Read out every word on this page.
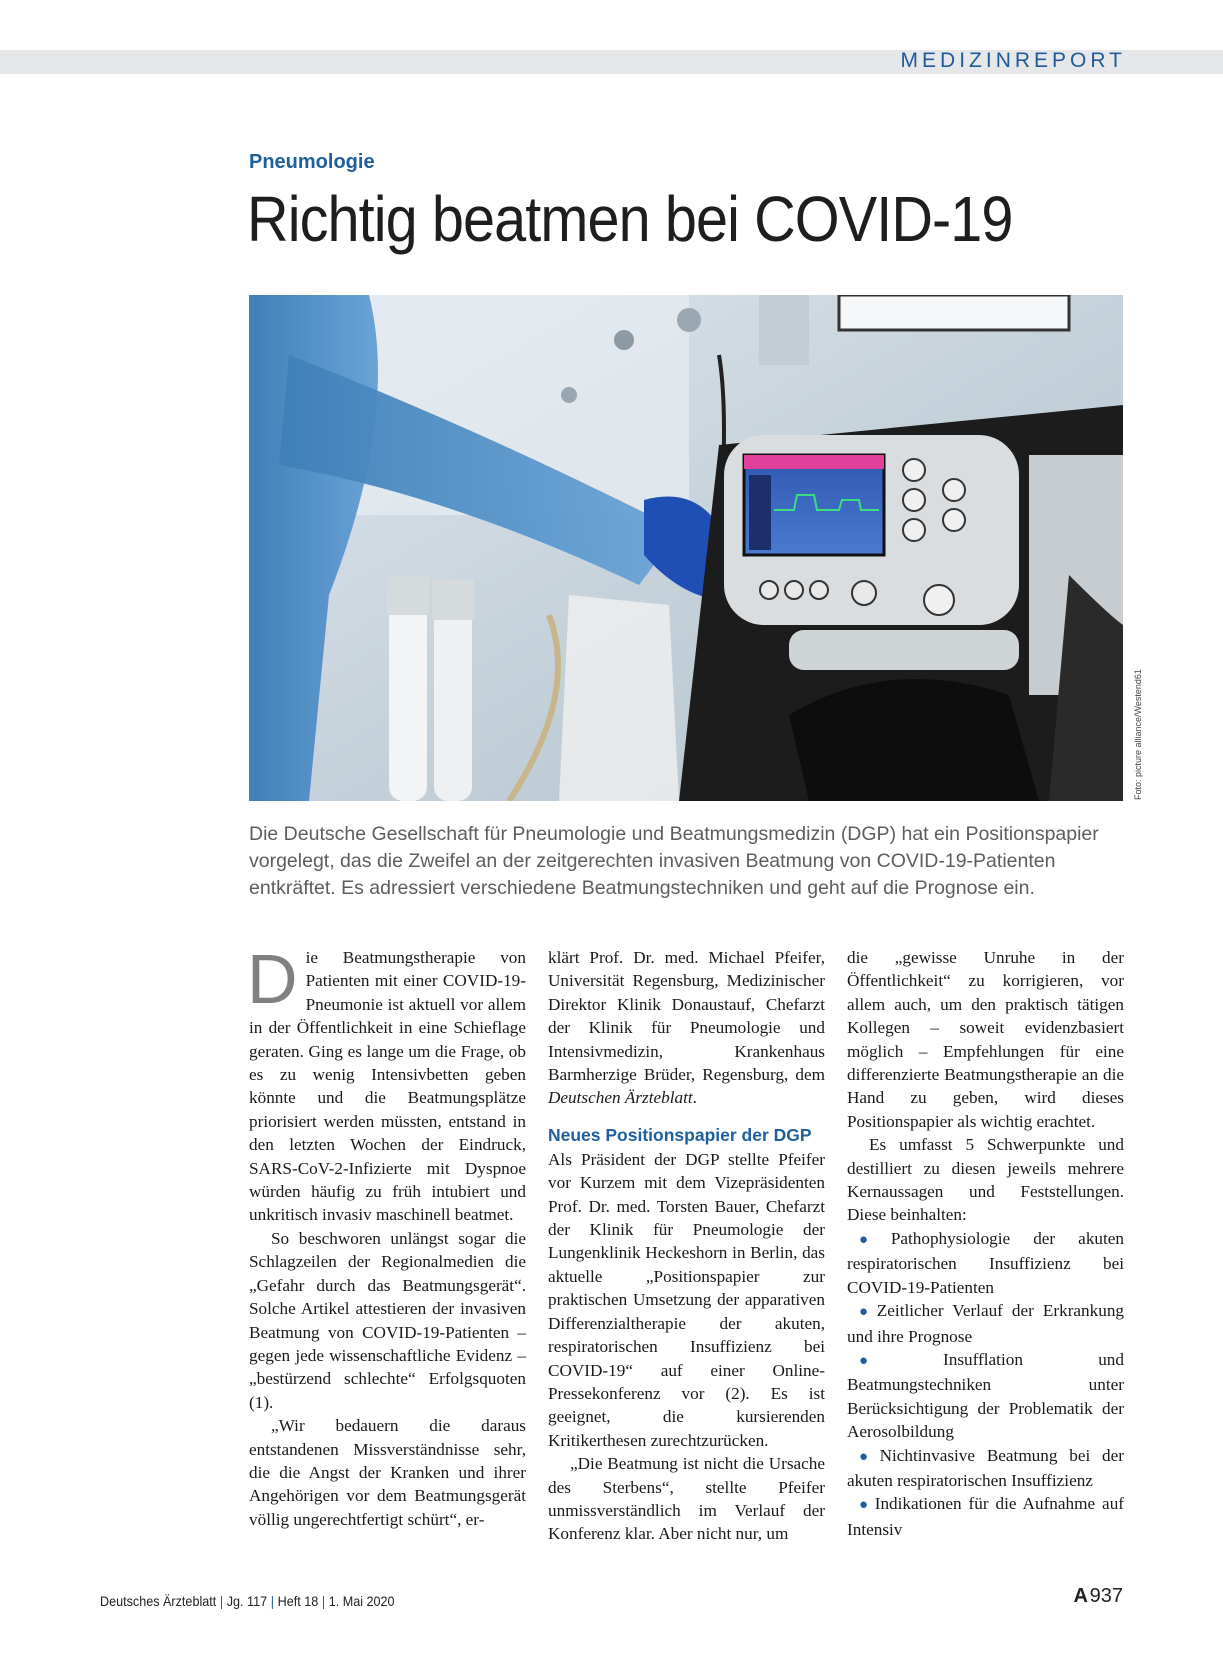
MEDIZINREPORT
Pneumologie
Richtig beatmen bei COVID-19
Foto: picture alliance/Westend61
Die Deutsche Gesellschaft für Pneumologie und Beatmungsmedizin (DGP) hat ein Positionspapier vorgelegt, das die Zweifel an der zeitgerechten invasiven Beatmung von COVID-19-Patienten entkräftet. Es adressiert verschiedene Beatmungstechniken und geht auf die Prognose ein.

Die Beatmungstherapie von Patienten mit einer COVID-19-Pneumonie ist aktuell vor allem in der Öffentlichkeit in eine Schieflage geraten. Ging es lange um die Frage, ob es zu wenig Intensivbetten geben könnte und die Beatmungsplätze priorisiert werden müssten, entstand in den letzten Wochen der Eindruck, SARS-CoV-2-Infizierte mit Dyspnoe würden häufig zu früh intubiert und unkritisch invasiv maschinell beatmet.

So beschworen unlängst sogar die Schlagzeilen der Regionalmedien die „Gefahr durch das Beatmungsgerät“. Solche Artikel attestieren der invasiven Beatmung von COVID-19-Patienten – gegen jede wissenschaftliche Evidenz – „bestürzend schlechte“ Erfolgsquoten (1).

„Wir bedauern die daraus entstandenen Missverständnisse sehr, die die Angst der Kranken und ihrer Angehörigen vor dem Beatmungsgerät völlig ungerechtfertigt schürt“, er-

klärt Prof. Dr. med. Michael Pfeifer, Universität Regensburg, Medizinischer Direktor Klinik Donaustauf, Chefarzt der Klinik für Pneumologie und Intensivmedizin, Krankenhaus Barmherzige Brüder, Regensburg, dem Deutschen Ärzteblatt.

Neues Positionspapier der DGP

Als Präsident der DGP stellte Pfeifer vor Kurzem mit dem Vizepräsidenten Prof. Dr. med. Torsten Bauer, Chefarzt der Klinik für Pneumologie der Lungenklinik Heckeshorn in Berlin, das aktuelle „Positionspapier zur praktischen Umsetzung der apparativen Differenzialtherapie der akuten, respiratorischen Insuffizienz bei COVID-19“ auf einer Online-Pressekonferenz vor (2). Es ist geeignet, die kursierenden Kritikerthesen zurechtzurücken.

„Die Beatmung ist nicht die Ursache des Sterbens“, stellte Pfeifer unmissverständlich im Verlauf der Konferenz klar. Aber nicht nur, um

die „gewisse Unruhe in der Öffentlichkeit“ zu korrigieren, vor allem auch, um den praktisch tätigen Kollegen – soweit evidenzbasiert möglich – Empfehlungen für eine differenzierte Beatmungstherapie an die Hand zu geben, wird dieses Positionspapier als wichtig erachtet.

Es umfasst 5 Schwerpunkte und destilliert zu diesen jeweils mehrere Kernaussagen und Feststellungen. Diese beinhalten:

● Pathophysiologie der akuten respiratorischen Insuffizienz bei COVID-19-Patienten

● Zeitlicher Verlauf der Erkrankung und ihre Prognose

● Insufflation und Beatmungstechniken unter Berücksichtigung der Problematik der Aerosolbildung

● Nichtinvasive Beatmung bei der akuten respiratorischen Insuffizienz

● Indikationen für die Aufnahme auf Intensiv

Deutsches Ärzteblatt | Jg. 117 | Heft 18 | 1. Mai 2020	A 937
